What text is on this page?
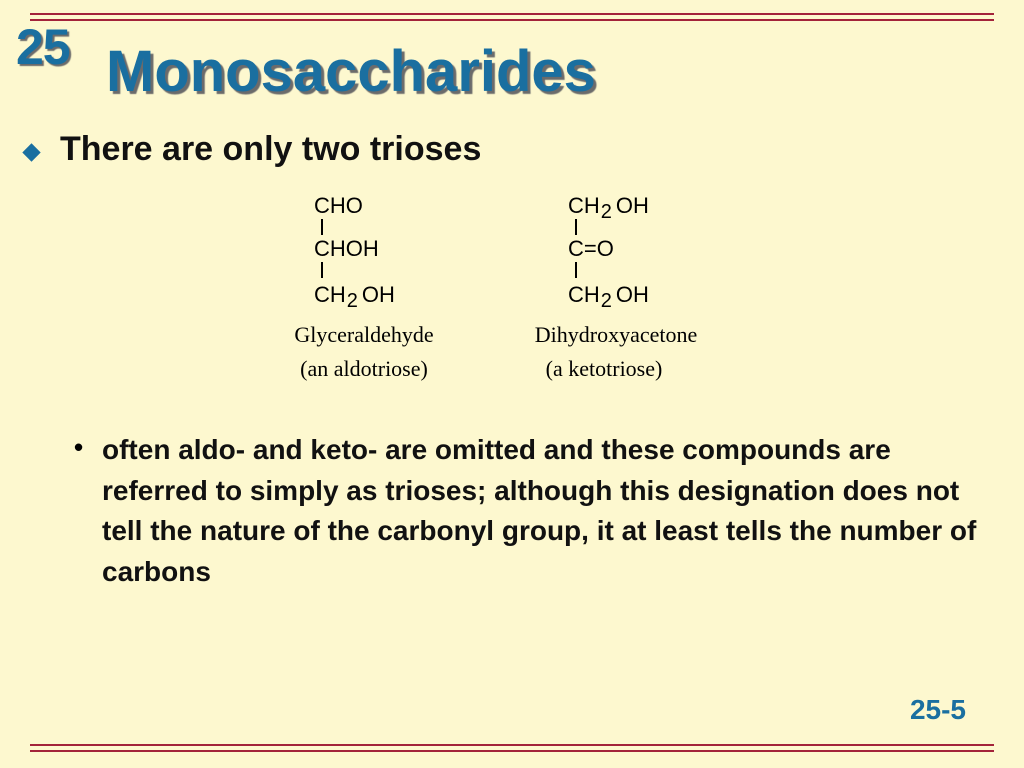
25 Monosaccharides
There are only two trioses
CHO
CHOH
$CH_2$ OH
Glyceraldehyde
(an aldotriose)
$CH_2$ OH
C=O
$CH_2$ OH
Dihydroxyacetone
(a ketotriose)
• often aldo- and keto- are omitted and these compounds are referred to simply as trioses; although this designation does not tell the nature of the carbonyl group, it at least tells the number of carbons
25-5
